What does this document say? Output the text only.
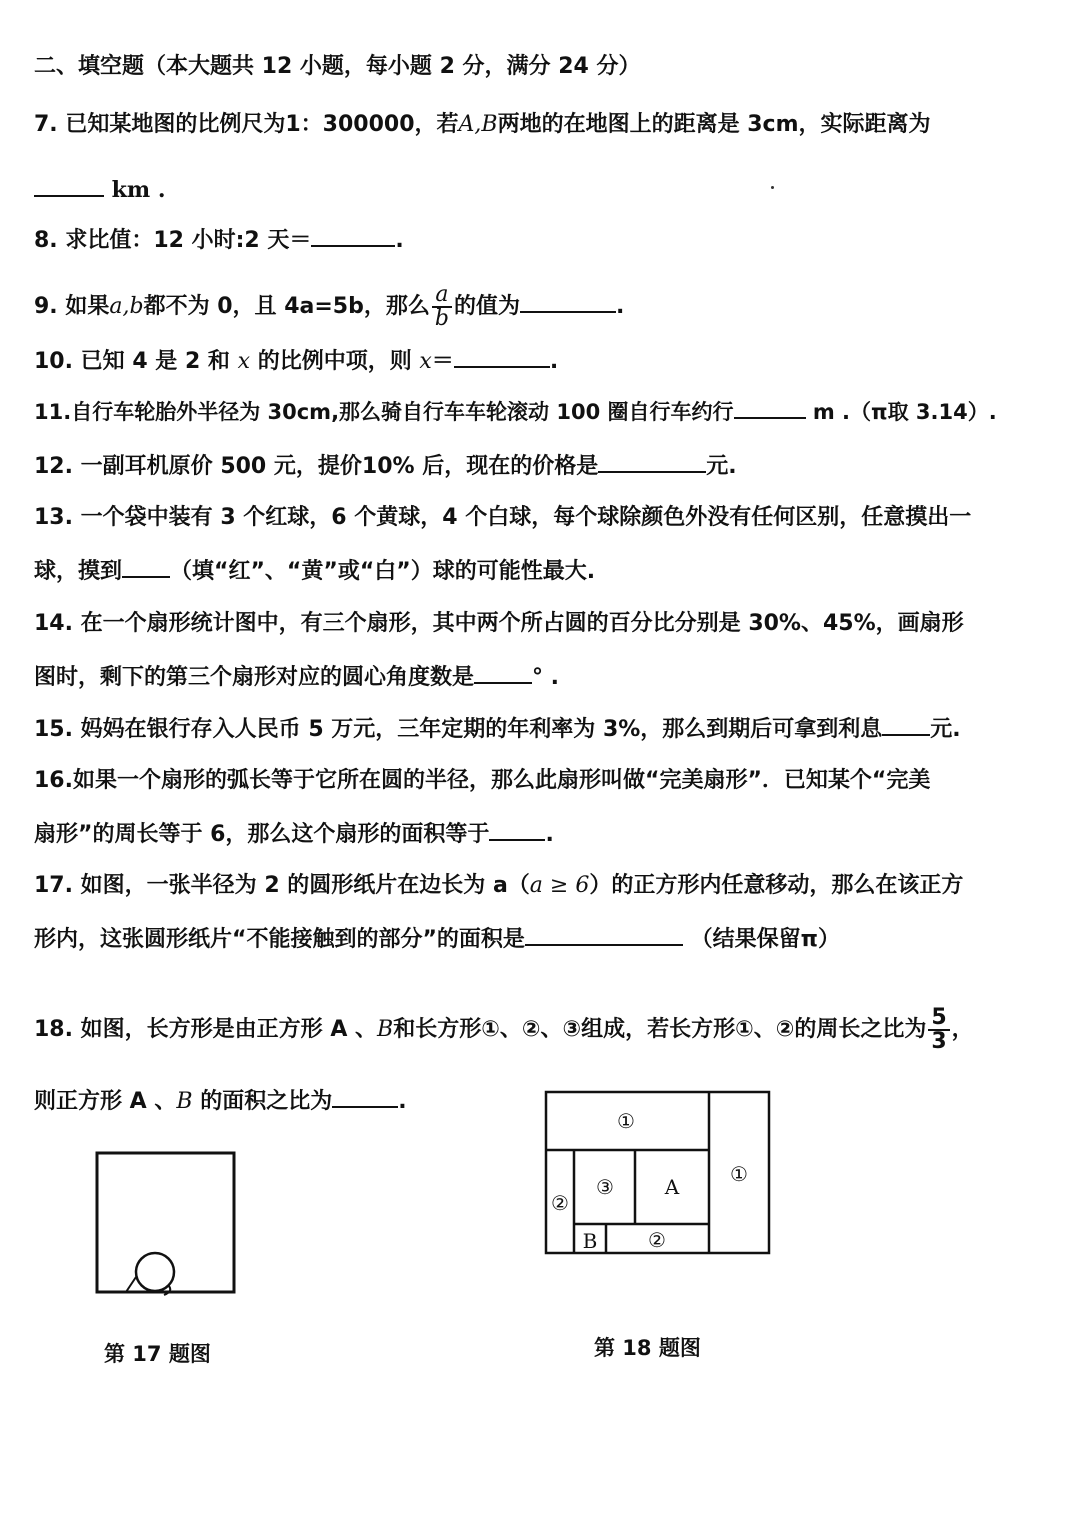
二、填空题（本大题共 12 小题，每小题 2 分，满分 24 分）
7. 已知某地图的比例尺为1：300000，若A,B两地的在地图上的距离是 3cm，实际距离为
km .
8. 求比值：12 小时:2 天＝	.
9. 如果a,b都不为 0，且 4a=5b，那么 $\frac{a}{b}$ 的值为	.
10. 已知 4 是 2 和 x 的比例中项，则 x＝	.
11.自行车轮胎外半径为 30cm,那么骑自行车车轮滚动 100 圈自行车约行	m .（π取 3.14）.
12. 一副耳机原价 500 元，提价10% 后，现在的价格是	元.
13. 一个袋中装有 3 个红球，6 个黄球，4 个白球，每个球除颜色外没有任何区别，任意摸出一
球，摸到 （填“红”、“黄”或“白”）球的可能性最大.
14. 在一个扇形统计图中，有三个扇形，其中两个所占圆的百分比分别是 30%、45%，画扇形
图时，剩下的第三个扇形对应的圆心角度数是	° .
15. 妈妈在银行存入人民币 5 万元，三年定期的年利率为 3%，那么到期后可拿到利息 元.
16.如果一个扇形的弧长等于它所在圆的半径，那么此扇形叫做“完美扇形”．已知某个“完美
扇形”的周长等于 6，那么这个扇形的面积等于	.
17. 如图，一张半径为 2 的圆形纸片在边长为 a（a ≥ 6）的正方形内任意移动，那么在该正方
形内，这张圆形纸片“不能接触到的部分”的面积是	（结果保留π）
18. 如图，长方形是由正方形 A 、B和长方形①、②、③组成，若长方形①、②的周长之比为 $\frac{5}{3}$ ，
则正方形 A 、B 的面积之比为	.
第 17 题图
①
①
②
②
③	A
B
第 18 题图
